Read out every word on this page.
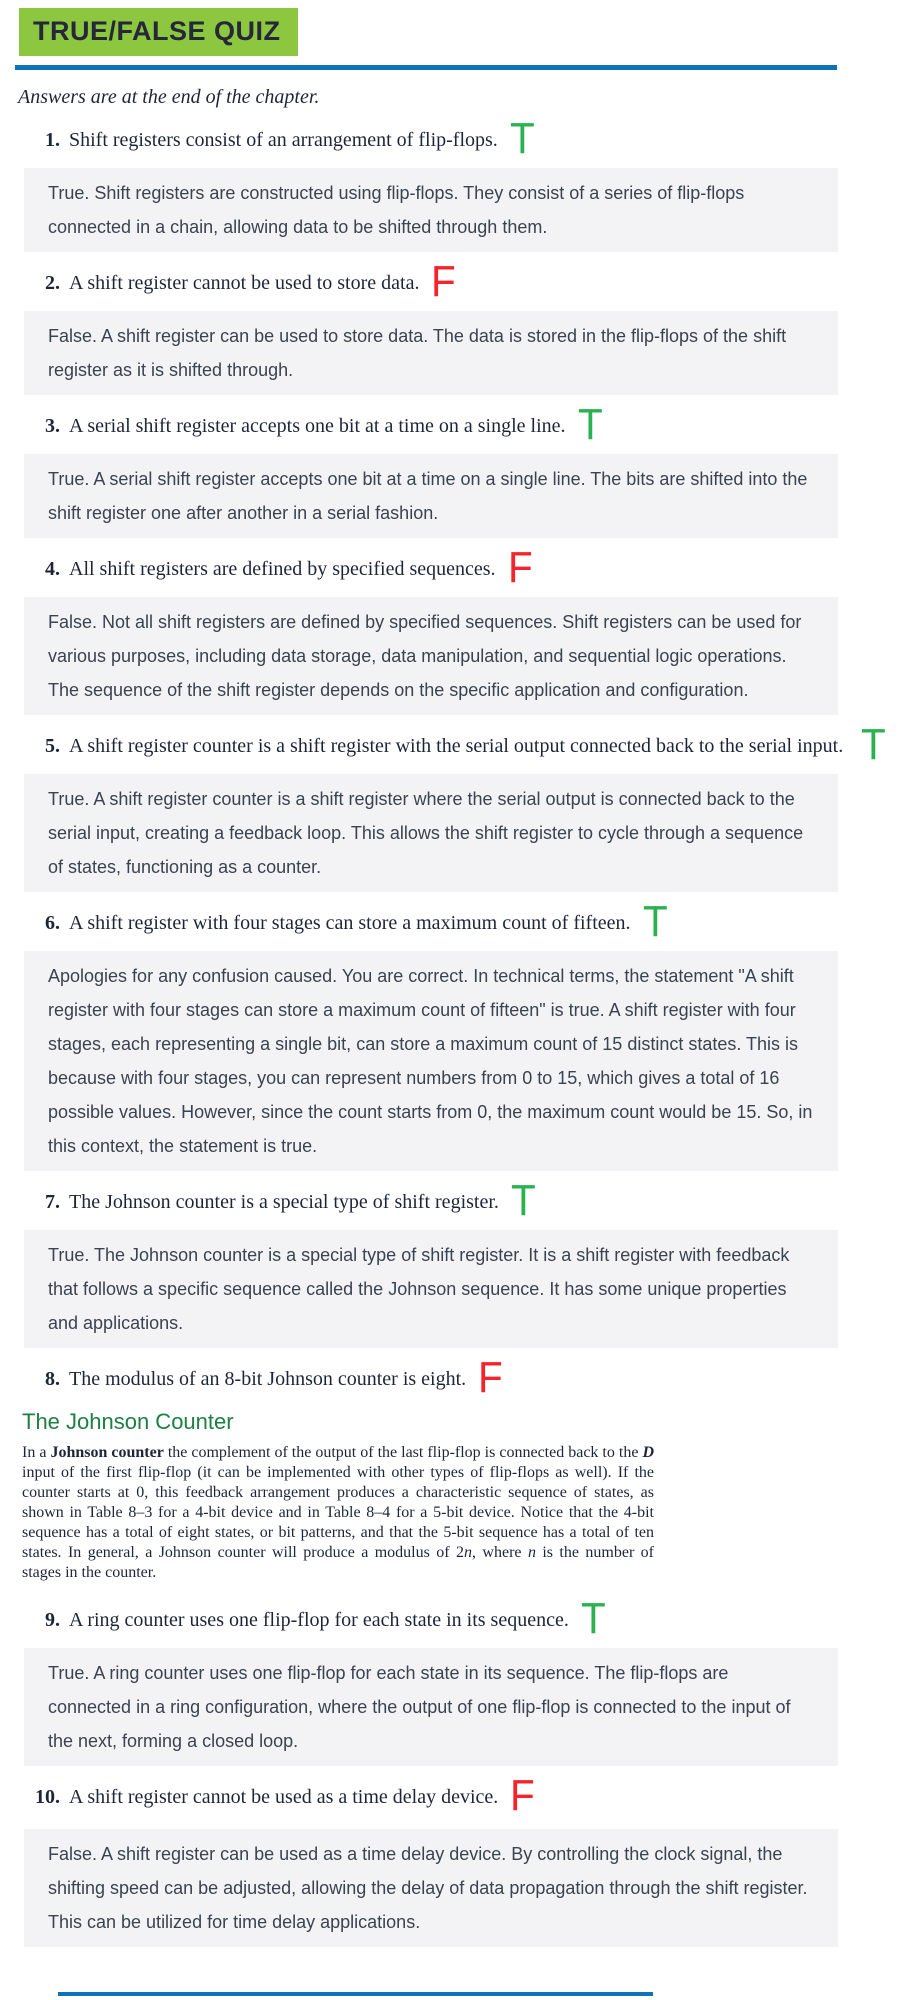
TRUE/FALSE QUIZ
Answers are at the end of the chapter.
1. Shift registers consist of an arrangement of flip-flops. T

True. Shift registers are constructed using flip-flops. They consist of a series of flip-flops connected in a chain, allowing data to be shifted through them.

2. A shift register cannot be used to store data. F

False. A shift register can be used to store data. The data is stored in the flip-flops of the shift register as it is shifted through.

3. A serial shift register accepts one bit at a time on a single line. T

True. A serial shift register accepts one bit at a time on a single line. The bits are shifted into the shift register one after another in a serial fashion.

4. All shift registers are defined by specified sequences. F

False. Not all shift registers are defined by specified sequences. Shift registers can be used for various purposes, including data storage, data manipulation, and sequential logic operations. The sequence of the shift register depends on the specific application and configuration.

5. A shift register counter is a shift register with the serial output connected back to the serial input. T

True. A shift register counter is a shift register where the serial output is connected back to the serial input, creating a feedback loop. This allows the shift register to cycle through a sequence of states, functioning as a counter.

6. A shift register with four stages can store a maximum count of fifteen. T

Apologies for any confusion caused. You are correct. In technical terms, the statement "A shift register with four stages can store a maximum count of fifteen" is true. A shift register with four stages, each representing a single bit, can store a maximum count of 15 distinct states. This is because with four stages, you can represent numbers from 0 to 15, which gives a total of 16 possible values. However, since the count starts from 0, the maximum count would be 15. So, in this context, the statement is true.

7. The Johnson counter is a special type of shift register. T

True. The Johnson counter is a special type of shift register. It is a shift register with feedback that follows a specific sequence called the Johnson sequence. It has some unique properties and applications.

8. The modulus of an 8-bit Johnson counter is eight. F
The Johnson Counter
In a Johnson counter the complement of the output of the last flip-flop is connected back to the D input of the first flip-flop (it can be implemented with other types of flip-flops as well). If the counter starts at 0, this feedback arrangement produces a characteristic sequence of states, as shown in Table 8–3 for a 4-bit device and in Table 8–4 for a 5-bit device. Notice that the 4-bit sequence has a total of eight states, or bit patterns, and that the 5-bit sequence has a total of ten states. In general, a Johnson counter will produce a modulus of 2n, where n is the number of stages in the counter.
9. A ring counter uses one flip-flop for each state in its sequence. T

True. A ring counter uses one flip-flop for each state in its sequence. The flip-flops are connected in a ring configuration, where the output of one flip-flop is connected to the input of the next, forming a closed loop.

10. A shift register cannot be used as a time delay device. F

False. A shift register can be used as a time delay device. By controlling the clock signal, the shifting speed can be adjusted, allowing the delay of data propagation through the shift register. This can be utilized for time delay applications.
